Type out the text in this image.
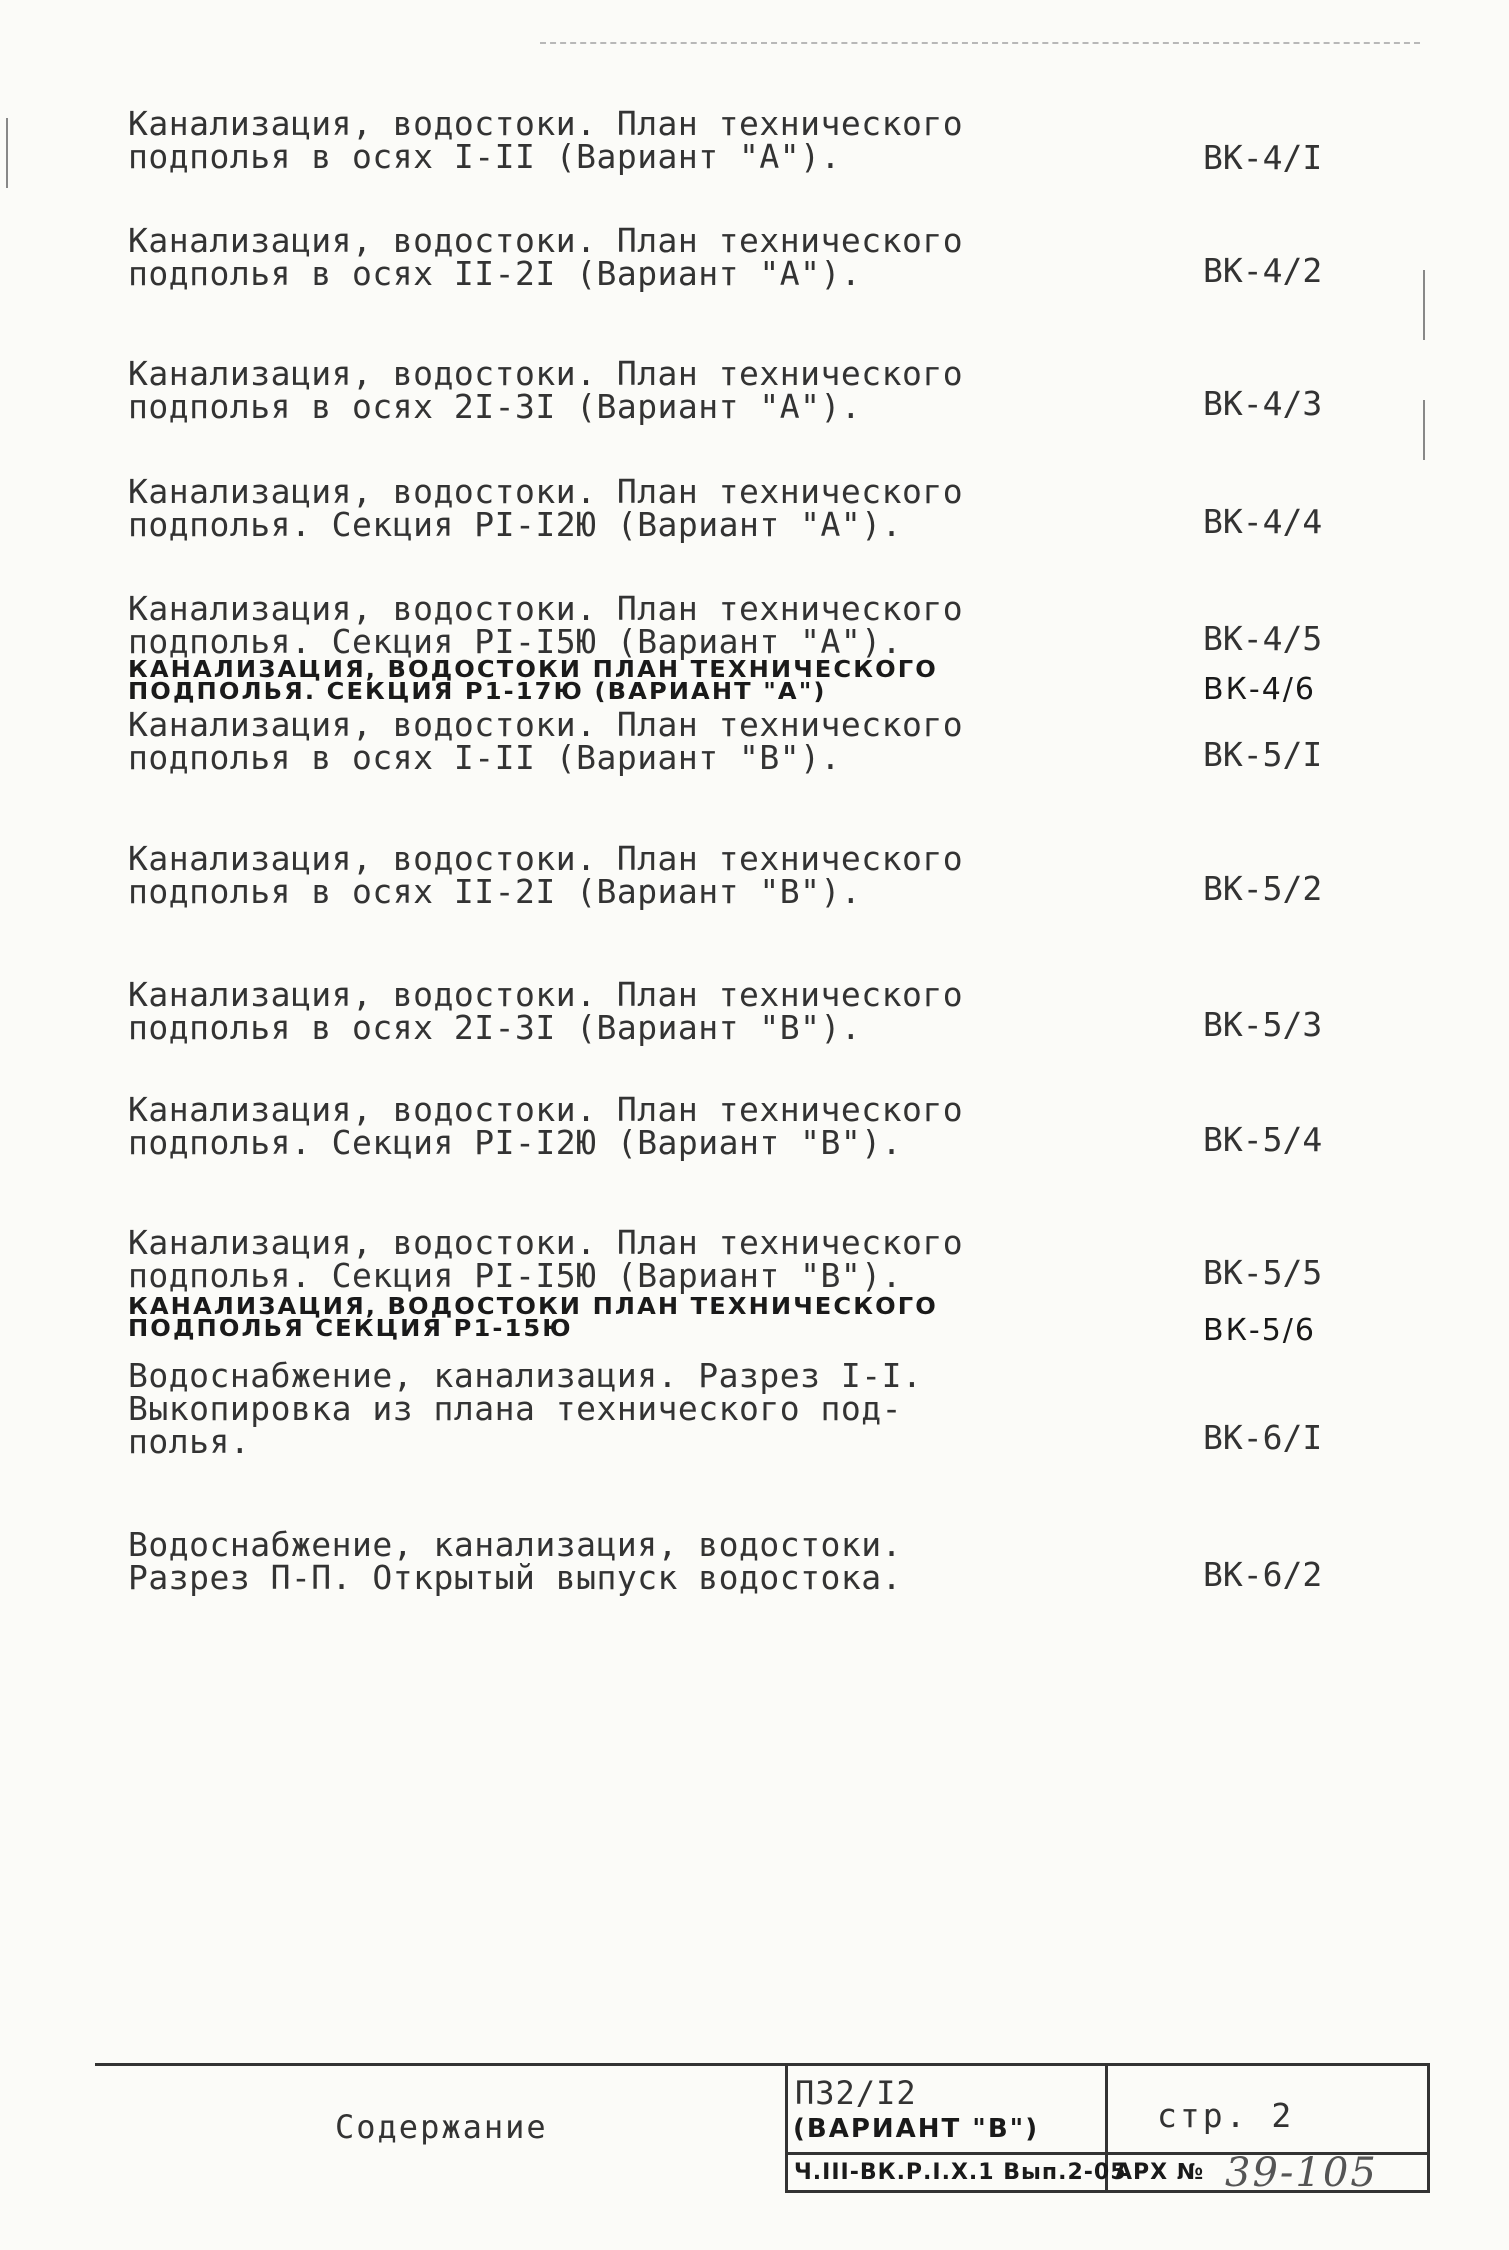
Канализация, водостоки. План технического
подполья в осях I-II (Вариант "А").	ВК-4/I
Канализация, водостоки. План технического
подполья в осях II-2I (Вариант "А").	ВК-4/2
Канализация, водостоки. План технического
подполья в осях 2I-3I (Вариант "А").	ВК-4/3
Канализация, водостоки. План технического
подполья. Секция PI-I2Ю (Вариант "А").	ВК-4/4
Канализация, водостоки. План технического
подполья. Секция PI-I5Ю (Вариант "А").	ВК-4/5
КАНАЛИЗАЦИЯ, ВОДОСТОКИ ПЛАН ТЕХНИЧЕСКОГО
ПОДПОЛЬЯ. СЕКЦИЯ Р1-17Ю (ВАРИАНТ "А")	ВК-4/6
Канализация, водостоки. План технического
подполья в осях I-II (Вариант "В").	ВК-5/I
Канализация, водостоки. План технического
подполья в осях II-2I (Вариант "В").	ВК-5/2
Канализация, водостоки. План технического
подполья в осях 2I-3I (Вариант "В").	ВК-5/3
Канализация, водостоки. План технического
подполья. Секция PI-I2Ю (Вариант "В").	ВК-5/4
Канализация, водостоки. План технического
подполья. Секция PI-I5Ю (Вариант "В").	ВК-5/5
КАНАЛИЗАЦИЯ, ВОДОСТОКИ ПЛАН ТЕХНИЧЕСКОГО
ПОДПОЛЬЯ СЕКЦИЯ Р1-15Ю	ВК-5/6
Водоснабжение, канализация. Разрез I-I.
Выкопировка из плана технического под-
полья.	ВК-6/I
Водоснабжение, канализация, водостоки.
Разрез П-П. Открытый выпуск водостока.	ВК-6/2
Содержание
П32/I2
(ВАРИАНТ "В")	стр. 2
Ч.III-ВК.Р.I.Х.1 Вып.2-05
АРХ № 39-105
